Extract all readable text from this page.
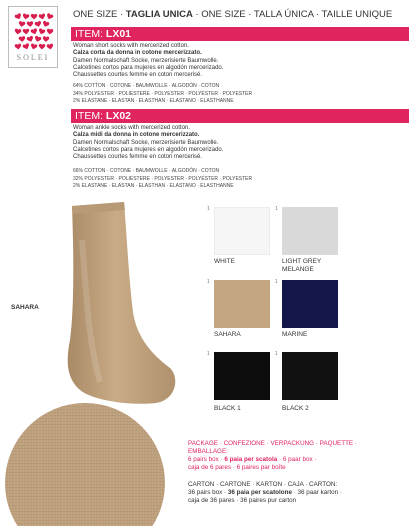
SOLEI
ONE SIZE · TAGLIA UNICA · ONE SIZE · TALLA ÚNICA · TAILLE UNIQUE
ITEM: LX01
Woman short socks with mercerized cotton.
Calza corta da donna in cotone mercerizzato.
Damen Normalschaft Socke, merzerisierte Baumwolle.
Calcetines cortos para mujeres en algodón mercerizado.
Chaussettes courtes femme en coton mercerisé.
64% COTTON · COTONE · BAUMWOLLE · ALGODÓN · COTON
34% POLYESTER · POLIESTERE · POLYESTER · POLYÉSTER · POLYESTER
2% ELASTANE · ELASTAN · ELASTHAN · ELASTANO · ELASTHANNE
ITEM: LX02
Woman ankle socks with mercerized cotton.
Calza midi da donna in cotone mercerizzato.
Damen Normalschaft Socke, merzerisierte Baumwolle.
Calcetines cortos para mujeres en algodón mercerizado.
Chaussettes courtes femme en coton mercerisé.
66% COTTON · COTONE · BAUMWOLLE · ALGODÓN · COTON
32% POLYESTER · POLIESTERE · POLYESTER · POLYÉSTER · POLYESTER
2% ELASTANE · ELASTAN · ELASTHAN · ELASTANO · ELASTHANNE
SAHARA
1
WHITE
1
LIGHT GREY MELANGE
1
SAHARA
1
MARINE
1
BLACK 1
1
BLACK 2
PACKAGE · CONFEZIONE · VERPACKUNG · PAQUETTE ·
EMBALLAGE:
6 pairs box · 6 paia per scatola · 6 paar box ·
caja de 6 pares · 6 paires par boîte
CARTON · CARTONE · KARTON · CAJA · CARTON:
36 pairs box · 36 paia per scatolone · 36 paar karton ·
caja de 36 pares · 36 paires pur carton
